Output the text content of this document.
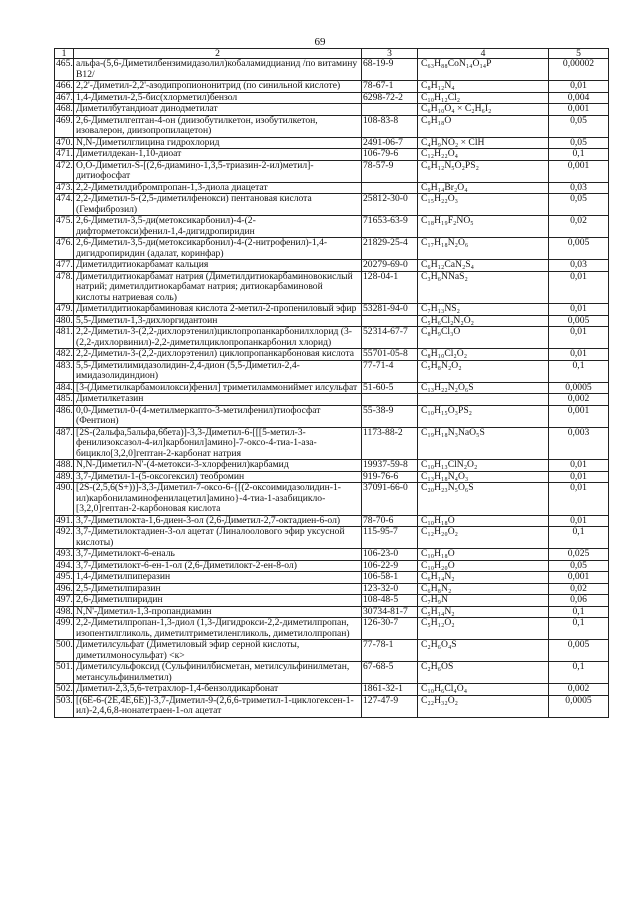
69
1	2	3	4	5
465.	альфа-(5,6-Диметилбензимидазолил)кобаламидцианид /по витамину В12/	68-19-9	C₆₃H₈₈CoN₁₄O₁₄P	0,00002
466.	2,2'-Диметил-2,2'-азодипропиононитрид (по синильной кислоте)	78-67-1	C₈H₁₂N₄	0,01
467.	1,4-Диметил-2,5-бис(хлорметил)бензол	6298-72-2	C₁₀H₁₂Cl₂	0,004
468.	Диметилбутандиоат динодметилат		C₆H₁₀O₄ × C₂H₆I₂	0,001
469.	2,6-Диметилгептан-4-он (диизобутилкетон, изобутилкетон, изовалерон, диизопропилацетон)	108-83-8	C₉H₁₈O	0,05
470.	N,N-Диметилглицина гидрохлорид	2491-06-7	C₄H₉NO₂ × ClH	0,05
471.	Диметилдекан-1,10-диоат	106-79-6	C₁₂H₂₂O₄	0,1
472.	О,О-Диметил-S-[(2,6-диамино-1,3,5-триазин-2-ил)метил]-дитиофосфат	78-57-9	C₆H₁₂N₅O₂PS₂	0,001
473.	2,2-Диметилдибромпропан-1,3-диола диацетат		C₉H₁₄Br₂O₄	0,03
474.	2,2-Диметил-5-(2,5-диметилфенокси) пентановая кислота (Гемфиброзил)	25812-30-0	C₁₅H₂₂O₃	0,05
475.	2,6-Диметил-3,5-ди(метоксикарбонил)-4-(2-дифторметокси)фенил-1,4-дигидропиридин	71653-63-9	C₁₈H₁₉F₂NO₅	0,02
476.	2,6-Диметил-3,5-ди(метоксикарбонил)-4-(2-нитрофенил)-1,4-дигидропиридин (адалат, коринфар)	21829-25-4	C₁₇H₁₈N₂O₆	0,005
477.	Диметилдитиокарбамат кальция	20279-69-0	C₆H₁₂CaN₂S₄	0,03
478.	Диметилдитиокарбамат натрия (Диметилдитиокарбаминовокислый натрий; диметилдитиокарбамат натрия; дитиокарбаминовой кислоты натриевая соль)	128-04-1	C₃H₆NNaS₂	0,01
479.	Диметилдитиокарбаминовая кислота 2-метил-2-пропениловый эфир	53281-94-0	C₇H₁₃NS₂	0,01
480.	5,5-Диметил-1,3-дихлоргидантоин		C₅H₆Cl₂N₂O₂	0,005
481.	2,2-Диметил-3-(2,2-дихлорэтенил)циклопропанкарбонилхлорид (3-(2,2-дихлорвинил)-2,2-диметилциклопропанкарбонил хлорид)	52314-67-7	C₈H₉Cl₃O	0,01
482.	2,2-Диметил-3-(2,2-дихлорэтенил) циклопропанкарбоновая кислота	55701-05-8	C₈H₁₀Cl₂O₂	0,01
483.	5,5-Диметилимидазолидин-2,4-дион (5,5-Диметил-2,4-имидазолидиндион)	77-71-4	C₅H₈N₂O₂	0,1
484.	[3-(Диметилкарбамоилокси)фенил] триметиламмониймет илсульфат	51-60-5	C₁₃H₂₂N₂O₆S	0,0005
485.	Диметилкетазин			0,002
486.	0,0-Диметил-0-(4-метилмеркапто-3-метилфенил)тиофосфат (Фентион)	55-38-9	C₁₀H₁₅O₃PS₂	0,001
487.	[2S-(2альфа,5альфа,6бета)]-3,3-Диметил-6-[[[5-метил-3-фенилизоксазол-4-ил]карбонил]амино]-7-оксо-4-тиа-1-аза-бицикло[3,2,0]гептан-2-карбонат натрия	1173-88-2	C₁₉H₁₈N₃NaO₅S	0,003
488.	N,N-Диметил-N'-(4-метокси-3-хлорфенил)карбамид	19937-59-8	C₁₀H₁₃ClN₂O₂	0,01
489.	3,7-Диметил-1-(5-оксогексил) теобромин	919-76-6	C₁₃H₁₈N₄O₃	0,01
490.	[2S-(2,5,6(S+))]-3,3-Диметил-7-оксо-6-{[(2-оксоимидазолидин-1-ил)карбониламинофенилацетил]амино}-4-тиа-1-азабицикло-[3,2,0]гептан-2-карбоновая кислота	37091-66-0	C₂₀H₂₃N₅O₆S	0,01
491.	3,7-Диметилокта-1,6-диен-3-ол (2,6-Диметил-2,7-октадиен-6-ол)	78-70-6	C₁₀H₁₈O	0,01
492.	3,7-Диметилоктадиен-3-ол ацетат (Линалоолового эфир уксусной кислоты)	115-95-7	C₁₂H₂₀O₂	0,1
493.	3,7-Диметилокт-6-еналь	106-23-0	C₁₀H₁₈O	0,025
494.	3,7-Диметилокт-6-ен-1-ол (2,6-Диметилокт-2-ен-8-ол)	106-22-9	C₁₀H₂₀O	0,05
495.	1,4-Диметилпиперазин	106-58-1	C₆H₁₄N₂	0,001
496.	2,5-Диметилпиразин	123-32-0	C₆H₈N₂	0,02
497.	2,6-Диметилпиридин	108-48-5	C₇H₉N	0,06
498.	N,N'-Диметил-1,3-пропандиамин	30734-81-7	C₅H₁₄N₂	0,1
499.	2,2-Диметилпропан-1,3-диол (1,3-Дигидрокси-2,2-диметилпропан, изопентилгликоль, диметилтриметиленгликоль, диметилолпропан)	126-30-7	C₅H₁₂O₂	0,1
500.	Диметилсульфат (Диметиловый эфир серной кислоты, диметилмоносульфат) <к>	77-78-1	C₂H₆O₄S	0,005
501.	Диметилсульфоксид (Сульфинилбисметан, метилсульфинилметан, метансульфинилметил)	67-68-5	C₂H₆OS	0,1
502.	Диметил-2,3,5,6-тетрахлор-1,4-бензолдикарбонат	1861-32-1	C₁₀H₆Cl₄O₄	0,002
503.	[(6E-6-(2E,4E,6E)]-3,7-Диметил-9-(2,6,6-триметил-1-циклогексен-1-ил)-2,4,6,8-нонатетраен-1-ол ацетат	127-47-9	C₂₂H₃₂O₂	0,0005
